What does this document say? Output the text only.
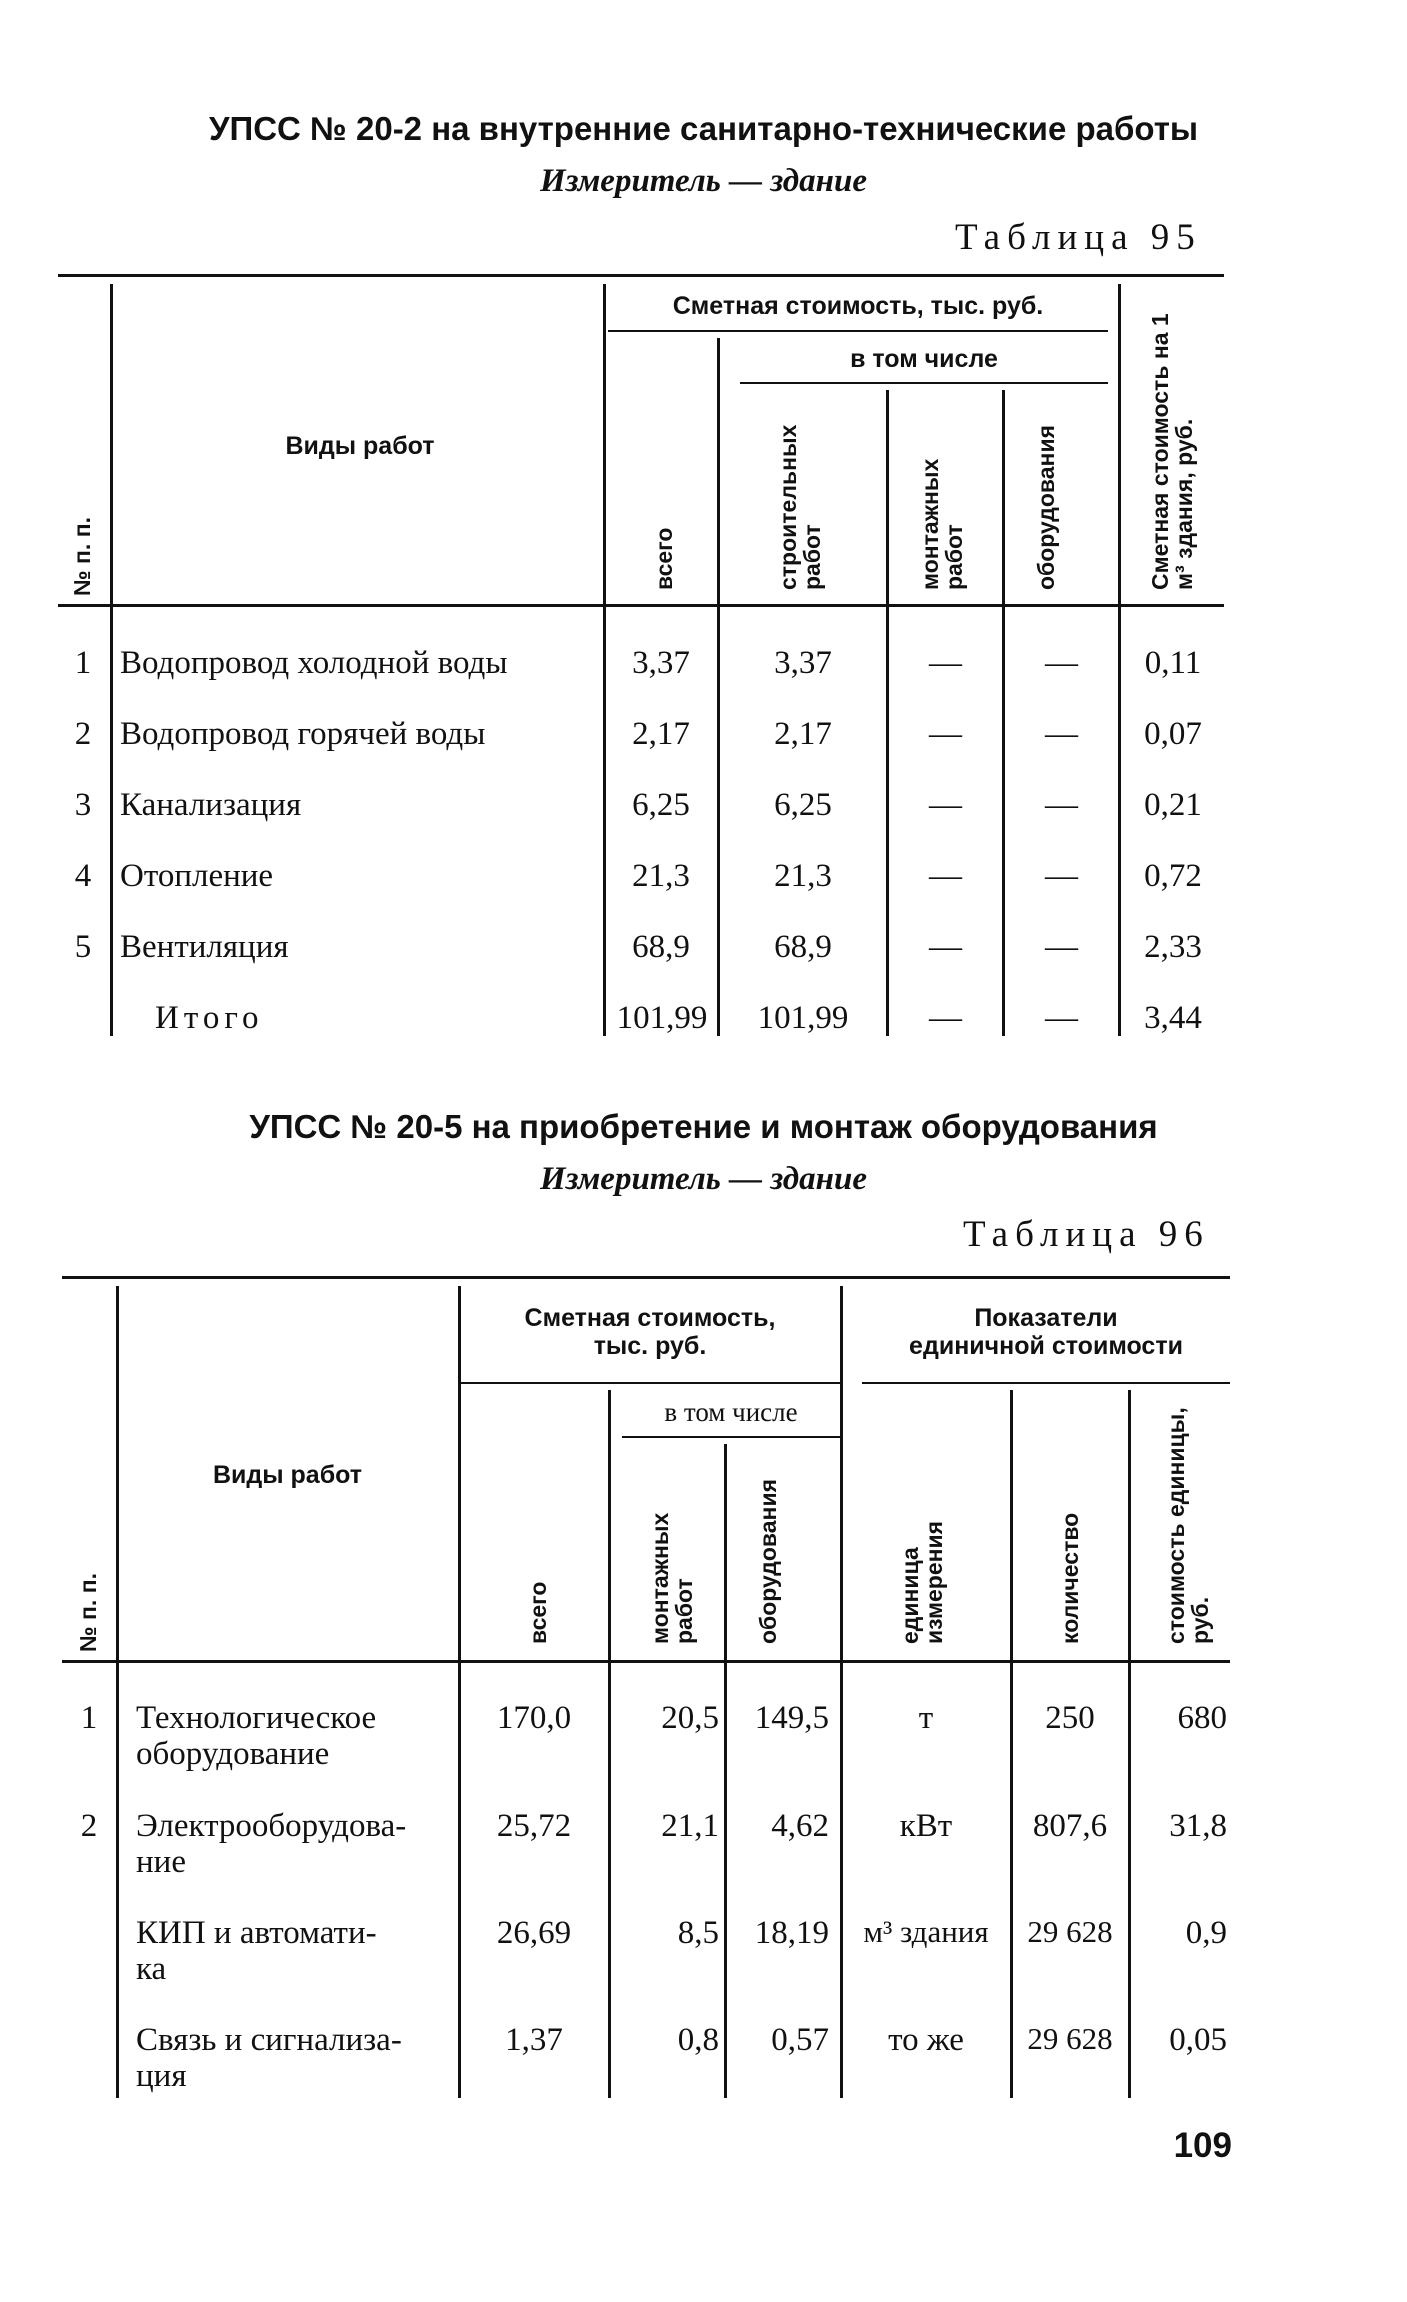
УПСС № 20-2 на внутренние санитарно-технические работы
Измеритель — здание
Таблица 95
№ п. п.
Виды работ
Сметная стоимость, тыс. руб.
в том числе
всего	строительных работ	монтажных работ	оборудования	Сметная стоимость на 1 м³ здания, руб.
1 Водопровод холодной воды	3,37	3,37	—	—	0,11
2 Водопровод горячей воды	2,17	2,17	—	—	0,07
3 Канализация	6,25	6,25	—	—	0,21
4 Отопление	21,3	21,3	—	—	0,72
5 Вентиляция	68,9	68,9	—	—	2,33
Итого	101,99	101,99	—	—	3,44
УПСС № 20-5 на приобретение и монтаж оборудования
Измеритель — здание
Таблица 96
№ п. п.
Виды работ
Сметная стоимость,
тыс. руб.
Показатели
единичной стоимости
в том числе
всего	монтажных работ	оборудования	единица измерения	количество	стоимость единицы, руб.
1	Технологическое
оборудование
170,0	20,5	149,5	т	250	680
2	Электрооборудова-
ние
25,72	21,1	4,62	кВт	807,6	31,8
КИП и автомати-
ка
26,69	8,5	18,19	м³ здания	29 628	0,9
Связь и сигнализа-
ция
1,37	0,8	0,57	то же	29 628	0,05
109
